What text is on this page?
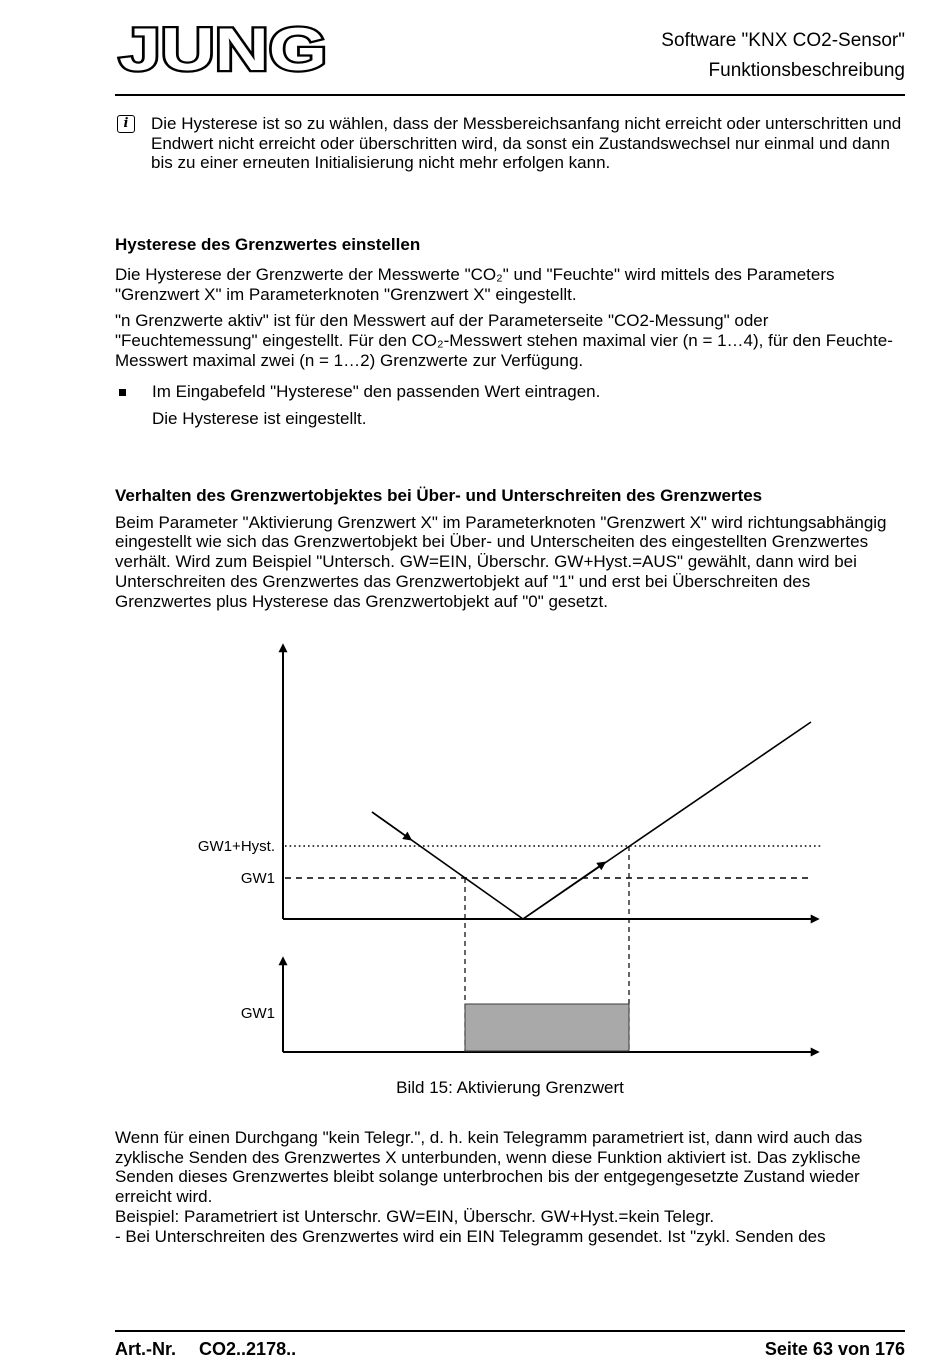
JUNG	Software "KNX CO2-Sensor"
Funktionsbeschreibung
i	Die Hysterese ist so zu wählen, dass der Messbereichsanfang nicht erreicht oder unterschritten und Endwert nicht erreicht oder überschritten wird, da sonst ein Zustandswechsel nur einmal und dann bis zu einer erneuten Initialisierung nicht mehr erfolgen kann.

Hysterese des Grenzwertes einstellen

Die Hysterese der Grenzwerte der Messwerte "CO₂" und "Feuchte" wird mittels des Parameters "Grenzwert X" im Parameterknoten "Grenzwert X" eingestellt.

"n Grenzwerte aktiv" ist für den Messwert auf der Parameterseite "CO2-Messung" oder "Feuchtemessung" eingestellt. Für den CO₂-Messwert stehen maximal vier (n = 1…4), für den Feuchte-Messwert maximal zwei (n = 1…2) Grenzwerte zur Verfügung.

Im Eingabefeld "Hysterese" den passenden Wert eintragen.

Die Hysterese ist eingestellt.

Verhalten des Grenzwertobjektes bei Über- und Unterschreiten des Grenzwertes

Beim Parameter "Aktivierung Grenzwert X" im Parameterknoten "Grenzwert X" wird richtungsabhängig eingestellt wie sich das Grenzwertobjekt bei Über- und Unterscheiten des eingestellten Grenzwertes verhält. Wird zum Beispiel "Untersch. GW=EIN, Überschr. GW+Hyst.=AUS" gewählt, dann wird bei Unterschreiten des Grenzwertes das Grenzwertobjekt auf "1" und erst bei Überschreiten des Grenzwertes plus Hysterese das Grenzwertobjekt auf "0" gesetzt.

GW1+Hyst.
GW1
GW1
Bild 15: Aktivierung Grenzwert

Wenn für einen Durchgang "kein Telegr.", d. h. kein Telegramm parametriert ist, dann wird auch das zyklische Senden des Grenzwertes X unterbunden, wenn diese Funktion aktiviert ist. Das zyklische Senden dieses Grenzwertes bleibt solange unterbrochen bis der entgegengesetzte Zustand wieder erreicht wird.

Beispiel: Parametriert ist Unterschr. GW=EIN, Überschr. GW+Hyst.=kein Telegr.

- Bei Unterschreiten des Grenzwertes wird ein EIN Telegramm gesendet. Ist "zykl. Senden des

Art.-Nr. CO2..2178..	Seite 63 von 176
